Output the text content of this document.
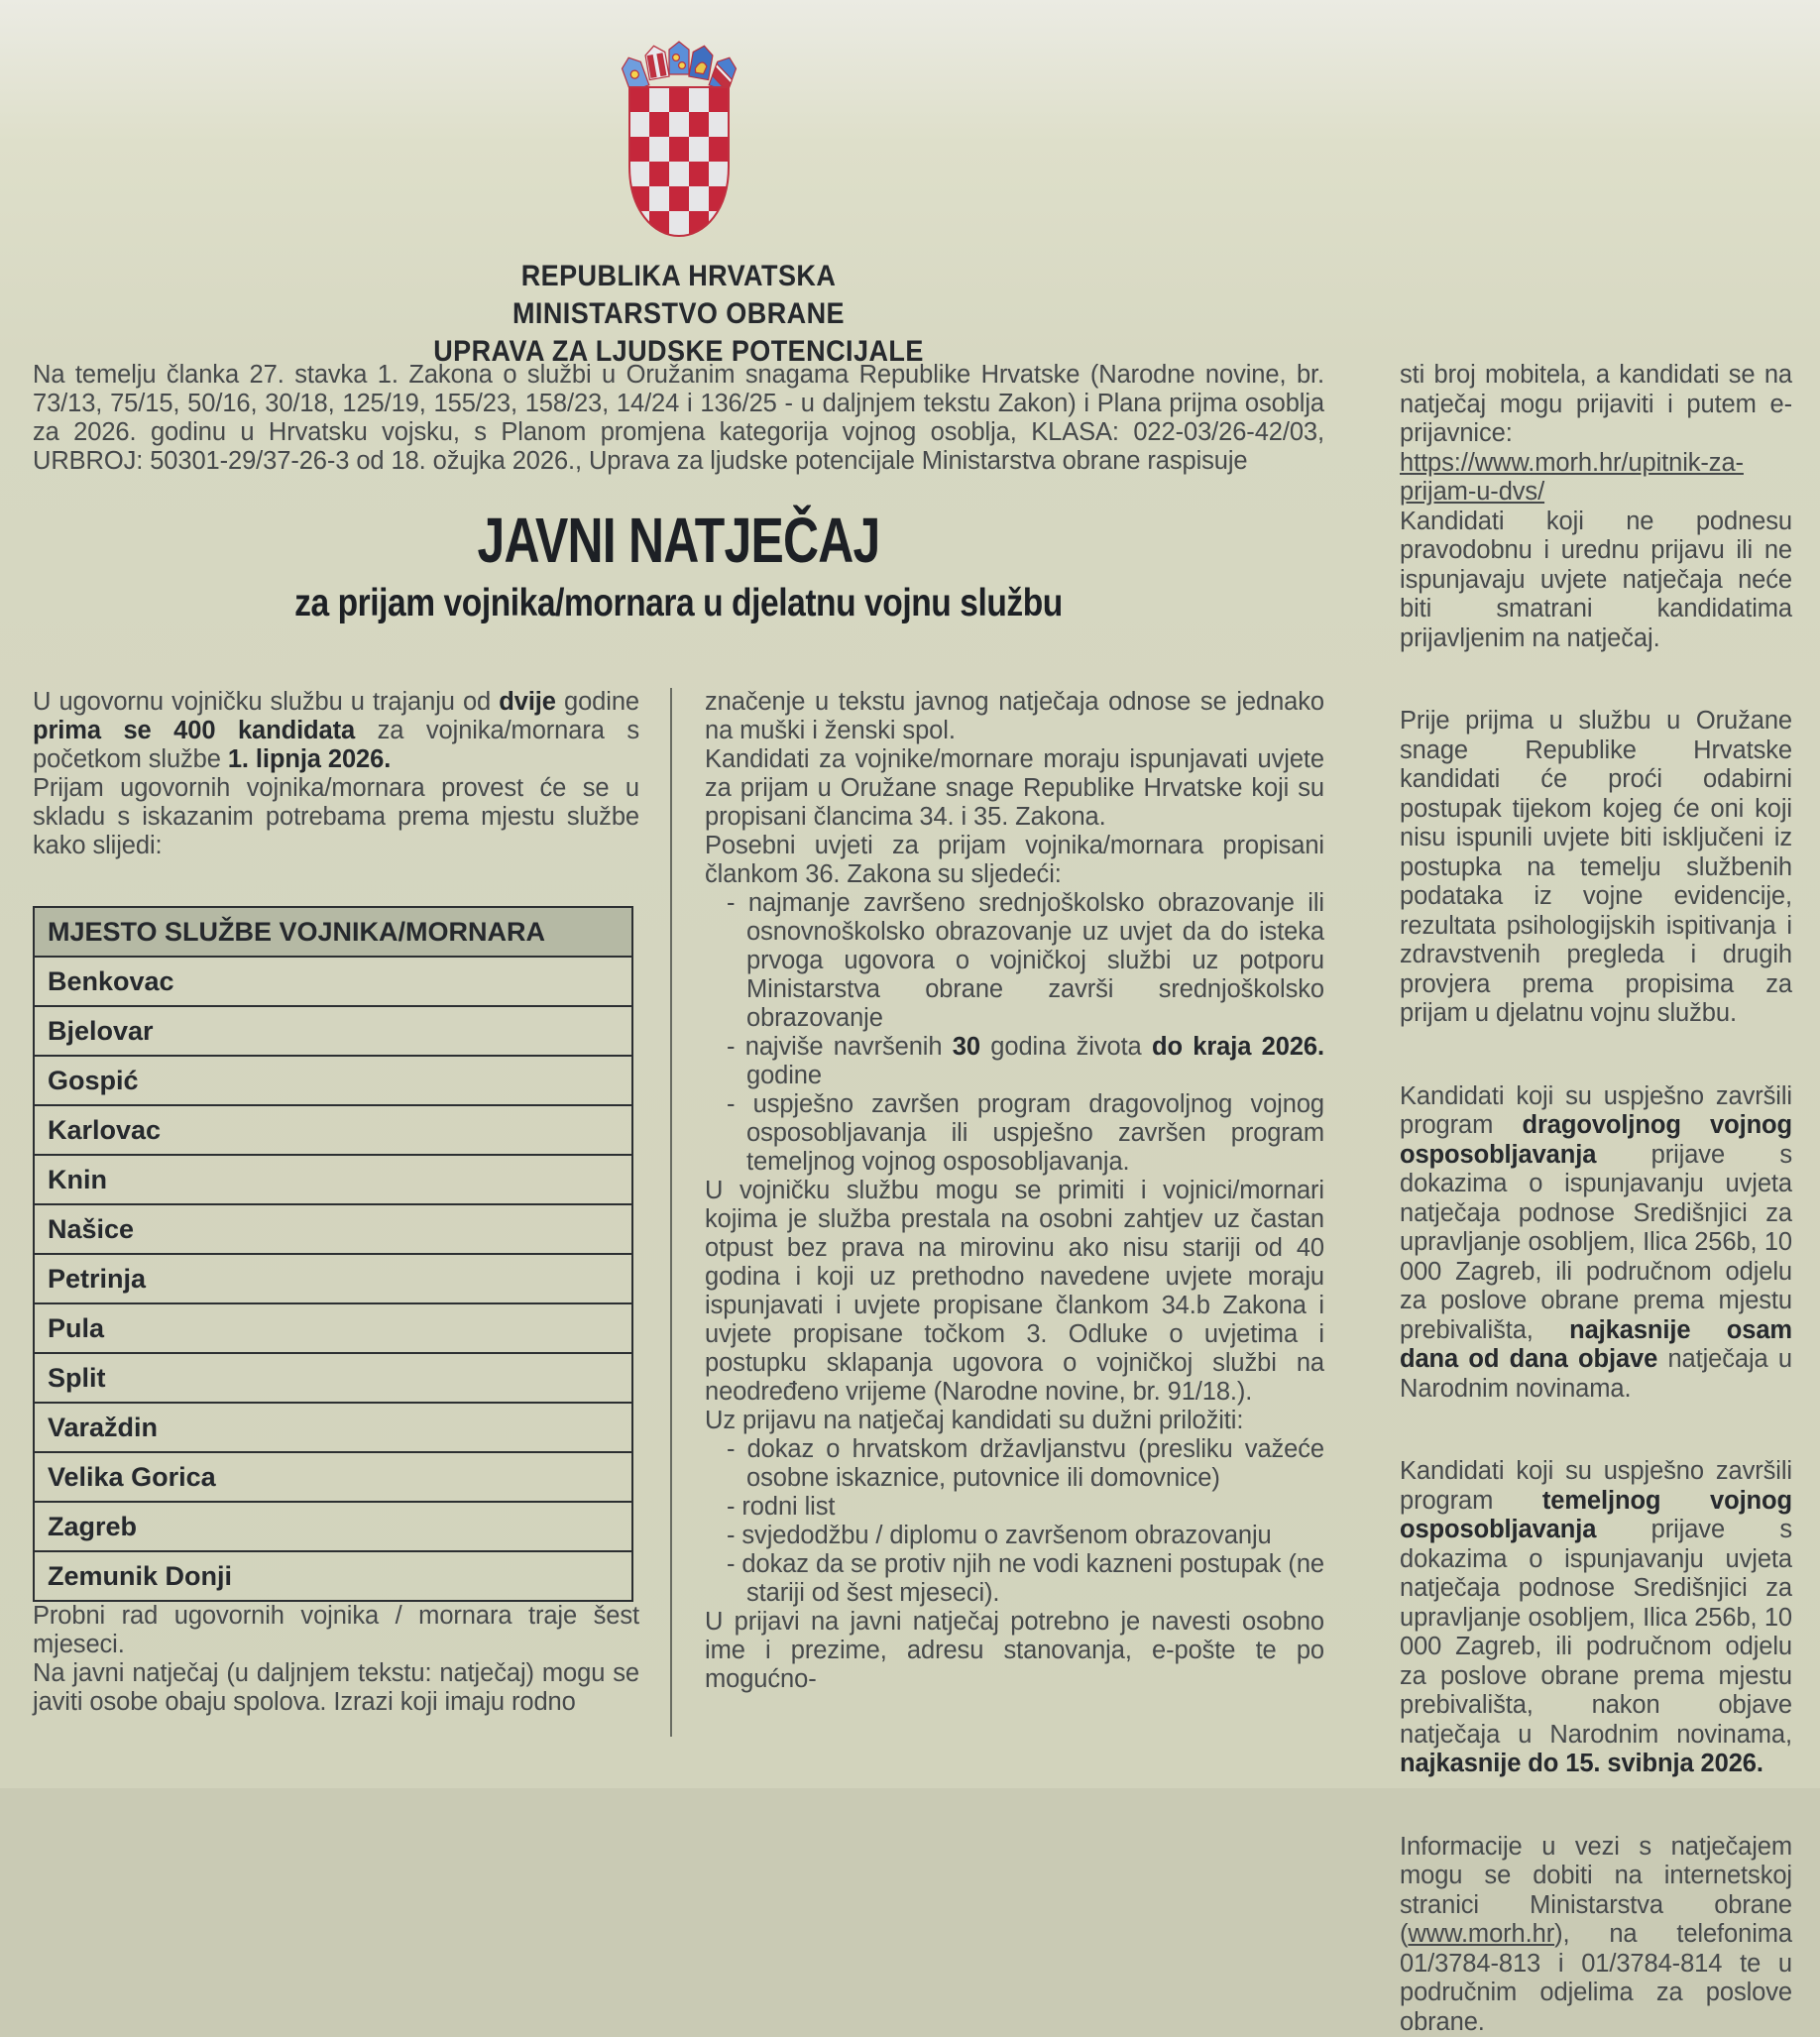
REPUBLIKA HRVATSKA
MINISTARSTVO OBRANE
UPRAVA ZA LJUDSKE POTENCIJALE
Na temelju članka 27. stavka 1. Zakona o službi u Oružanim snagama Republike Hrvatske (Narodne novine, br. 73/13, 75/15, 50/16, 30/18, 125/19, 155/23, 158/23, 14/24 i 136/25 - u daljnjem tekstu Zakon) i Plana prijma osoblja za 2026. godinu u Hrvatsku vojsku, s Planom promjena kategorija vojnog osoblja, KLASA: 022-03/26-42/03, URBROJ: 50301-29/37-26-3 od 18. ožujka 2026., Uprava za ljudske potencijale Ministarstva obrane raspisuje
JAVNI NATJEČAJ
za prijam vojnika/mornara u djelatnu vojnu službu

U ugovornu vojničku službu u trajanju od dvije godine prima se 400 kandidata za vojnika/mornara s početkom službe 1. lipnja 2026.

Prijam ugovornih vojnika/mornara provest će se u skladu s iskazanim potrebama prema mjestu službe kako slijedi:

MJESTO SLUŽBE VOJNIKA/MORNARA
Benkovac
Bjelovar
Gospić
Karlovac
Knin
Našice
Petrinja
Pula
Split
Varaždin
Velika Gorica
Zagreb
Zemunik Donji

Probni rad ugovornih vojnika / mornara traje šest mjeseci.

Na javni natječaj (u daljnjem tekstu: natječaj) mogu se javiti osobe obaju spolova. Izrazi koji imaju rodno

značenje u tekstu javnog natječaja odnose se jednako na muški i ženski spol.

Kandidati za vojnike/mornare moraju ispunjavati uvjete za prijam u Oružane snage Republike Hrvatske koji su propisani člancima 34. i 35. Zakona.

Posebni uvjeti za prijam vojnika/mornara propisani člankom 36. Zakona su sljedeći:

- najmanje završeno srednjoškolsko obrazovanje ili osnovnoškolsko obrazovanje uz uvjet da do isteka prvoga ugovora o vojničkoj službi uz potporu Ministarstva obrane završi srednjoškolsko obrazovanje
- najviše navršenih 30 godina života do kraja 2026. godine
- uspješno završen program dragovoljnog vojnog osposobljavanja ili uspješno završen program temeljnog vojnog osposobljavanja.

U vojničku službu mogu se primiti i vojnici/mornari kojima je služba prestala na osobni zahtjev uz častan otpust bez prava na mirovinu ako nisu stariji od 40 godina i koji uz prethodno navedene uvjete moraju ispunjavati i uvjete propisane člankom 34.b Zakona i uvjete propisane točkom 3. Odluke o uvjetima i postupku sklapanja ugovora o vojničkoj službi na neodređeno vrijeme (Narodne novine, br. 91/18.).

Uz prijavu na natječaj kandidati su dužni priložiti:

- dokaz o hrvatskom državljanstvu (presliku važeće osobne iskaznice, putovnice ili domovnice)
- rodni list
- svjedodžbu / diplomu o završenom obrazovanju
- dokaz da se protiv njih ne vodi kazneni postupak (ne stariji od šest mjeseci).

U prijavi na javni natječaj potrebno je navesti osobno ime i prezime, adresu stanovanja, e-pošte te po mogućno-

sti broj mobitela, a kandidati se na natječaj mogu prijaviti i putem e-prijavnice: https://www.morh.hr/upitnik-za-prijam-u-dvs/

Kandidati koji ne podnesu pravodobnu i urednu prijavu ili ne ispunjavaju uvjete natječaja neće biti smatrani kandidatima prijavljenim na natječaj.

Prije prijma u službu u Oružane snage Republike Hrvatske kandidati će proći odabirni postupak tijekom kojeg će oni koji nisu ispunili uvjete biti isključeni iz postupka na temelju službenih podataka iz vojne evidencije, rezultata psihologijskih ispitivanja i zdravstvenih pregleda i drugih provjera prema propisima za prijam u djelatnu vojnu službu.

Kandidati koji su uspješno završili program dragovoljnog vojnog osposobljavanja prijave s dokazima o ispunjavanju uvjeta natječaja podnose Središnjici za upravljanje osobljem, Ilica 256b, 10 000 Zagreb, ili područnom odjelu za poslove obrane prema mjestu prebivališta, najkasnije osam dana od dana objave natječaja u Narodnim novinama.

Kandidati koji su uspješno završili program temeljnog vojnog osposobljavanja prijave s dokazima o ispunjavanju uvjeta natječaja podnose Središnjici za upravljanje osobljem, Ilica 256b, 10 000 Zagreb, ili područnom odjelu za poslove obrane prema mjestu prebivališta, nakon objave natječaja u Narodnim novinama, najkasnije do 15. svibnja 2026.

Informacije u vezi s natječajem mogu se dobiti na internetskoj stranici Ministarstva obrane (www.morh.hr), na telefonima 01/3784-813 i 01/3784-814 te u područnim odjelima za poslove obrane.
